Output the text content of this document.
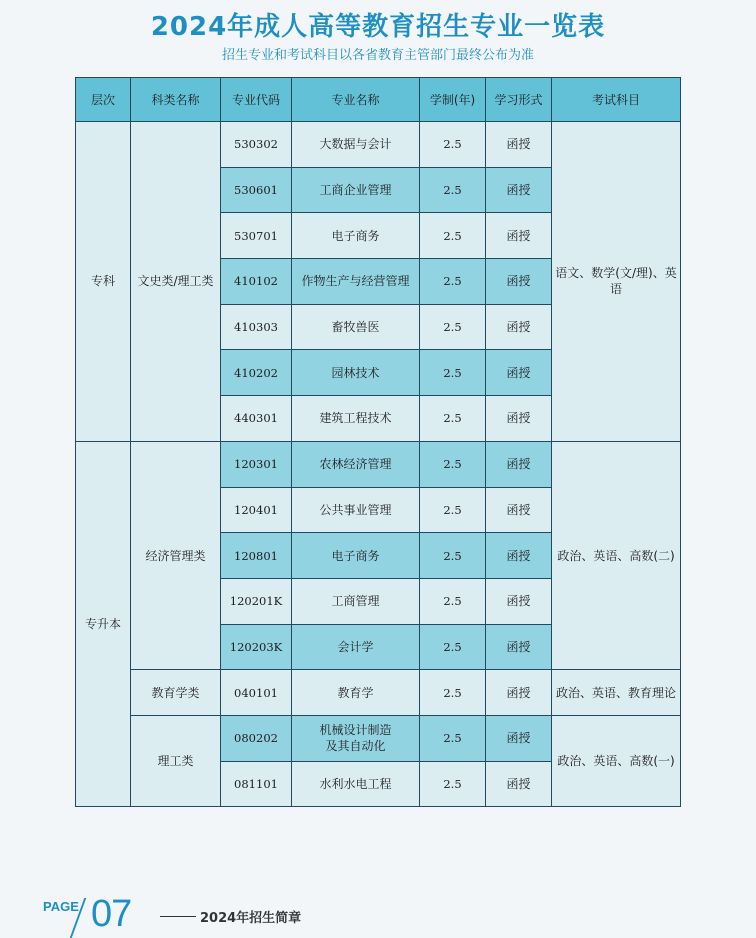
2024年成人高等教育招生专业一览表
招生专业和考试科目以各省教育主管部门最终公布为准
层次	科类名称	专业代码	专业名称	学制(年)	学习形式	考试科目
专科	文史类/理工类	530302	大数据与会计	2.5	函授	语文、数学(文/理)、英语
		530601	工商企业管理	2.5	函授	
		530701	电子商务	2.5	函授	
		410102	作物生产与经营管理	2.5	函授	
		410303	畜牧兽医	2.5	函授	
		410202	园林技术	2.5	函授	
		440301	建筑工程技术	2.5	函授	
专升本	经济管理类	120301	农林经济管理	2.5	函授	政治、英语、高数(二)
		120401	公共事业管理	2.5	函授	
		120801	电子商务	2.5	函授	
		120201K	工商管理	2.5	函授	
		120203K	会计学	2.5	函授	
	教育学类	040101	教育学	2.5	函授	政治、英语、教育理论
	理工类	080202	机械设计制造
及其自动化	2.5	函授	政治、英语、高数(一)
		081101	水利水电工程	2.5	函授	
PAGE 07	2024年招生简章
